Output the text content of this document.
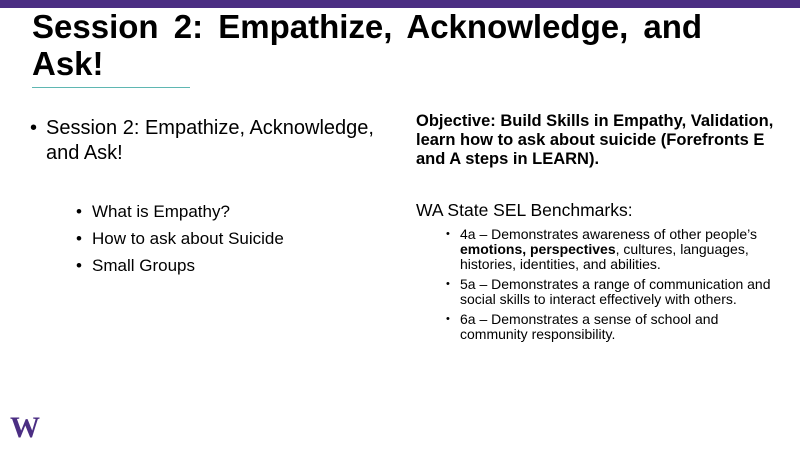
Session 2: Empathize, Acknowledge, and Ask!
• Session 2: Empathize, Acknowledge, and Ask!
• What is Empathy?
• How to ask about Suicide
• Small Groups

Objective: Build Skills in Empathy, Validation, learn how to ask about suicide (Forefronts E and A steps in LEARN).

WA State SEL Benchmarks:

• 4a – Demonstrates awareness of other people’s emotions, perspectives, cultures, languages, histories, identities, and abilities.
• 5a – Demonstrates a range of communication and social skills to interact effectively with others.
• 6a – Demonstrates a sense of school and community responsibility.
W
